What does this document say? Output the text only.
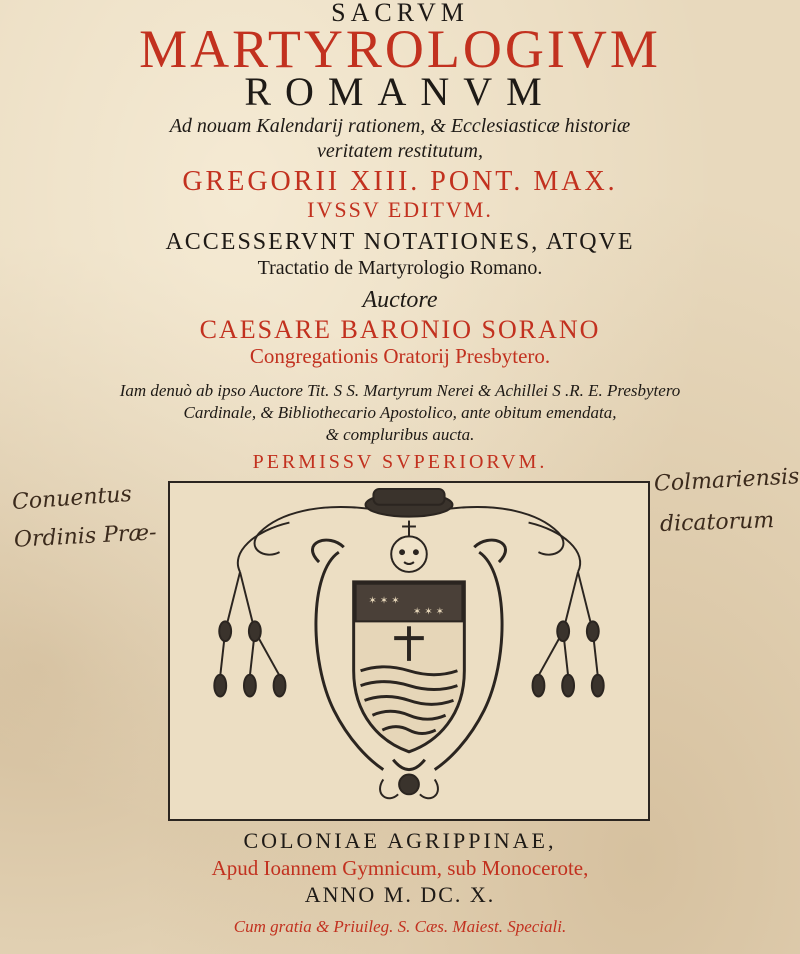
SACRVM
MARTYROLOGIVM
ROMANVM
Ad nouam Kalendarij rationem, & Ecclesiasticæ historiæ
veritatem restitutum,
GREGORII XIII. PONT. MAX.
IVSSV EDITVM.
ACCESSERVNT NOTATIONES, ATQVE
Tractatio de Martyrologio Romano.
Auctore
CAESARE BARONIO SORANO
Congregationis Oratorij Presbytero.
Iam denuò ab ipso Auctore Tit. S S. Martyrum Nerei & Achillei S .R. E. Presbytero
Cardinale, & Bibliothecario Apostolico, ante obitum emendata,
& compluribus aucta.
PERMISSV SVPERIORVM.
Conuentus
Ordinis Præ-
Colmariensis
dicatorum
✶ ✶ ✶
✶ ✶ ✶
COLONIAE AGRIPPINAE,
Apud Ioannem Gymnicum, sub Monocerote,
ANNO M. DC. X.
Cum gratia & Priuileg. S. Cæs. Maiest. Speciali.
